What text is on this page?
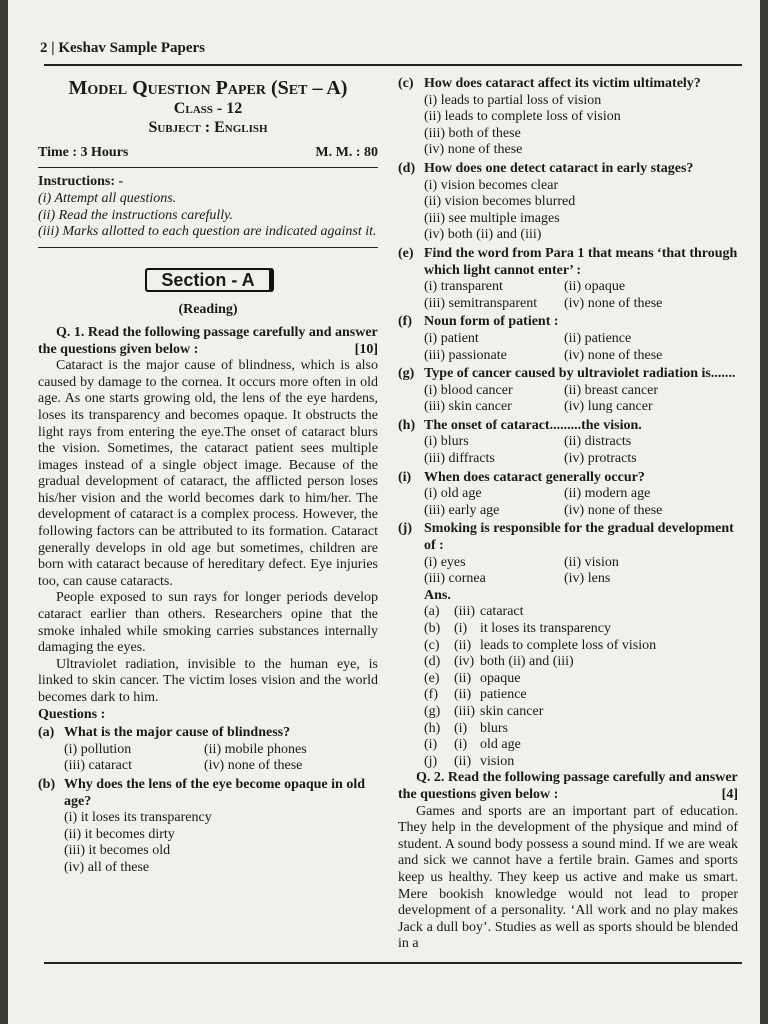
2 | Keshav Sample Papers
Model Question Paper (Set – A)
Class - 12
Subject : English
Time : 3 Hours	M. M. : 80
Instructions: -
(i) Attempt all questions.
(ii) Read the instructions carefully.
(iii) Marks allotted to each question are indicated against it.
Section - A
(Reading)
Q. 1. Read the following passage carefully and answer the questions given below :	[10]
Cataract is the major cause of blindness, which is also caused by damage to the cornea. It occurs more often in old age. As one starts growing old, the lens of the eye hardens, loses its transparency and becomes opaque. It obstructs the light rays from entering the eye.The onset of cataract blurs the vision. Sometimes, the cataract patient sees multiple images instead of a single object image. Because of the gradual development of cataract, the afflicted person loses his/her vision and the world becomes dark to him/her. The development of cataract is a complex process. However, the following factors can be attributed to its formation. Cataract generally develops in old age but sometimes, children are born with cataract because of hereditary defect. Eye injuries too, can cause cataracts.
People exposed to sun rays for longer periods develop cataract earlier than others. Researchers opine that the smoke inhaled while smoking carries substances internally damaging the eyes.
Ultraviolet radiation, invisible to the human eye, is linked to skin cancer. The victim loses vision and the world becomes dark to him.
Questions :
(a) What is the major cause of blindness?
(i) pollution	(ii) mobile phones
(iii) cataract	(iv) none of these
(b) Why does the lens of the eye become opaque in old age?
(i) it loses its transparency
(ii) it becomes dirty
(iii) it becomes old
(iv) all of these
(c) How does cataract affect its victim ultimately?
(i) leads to partial loss of vision
(ii) leads to complete loss of vision
(iii) both of these
(iv) none of these
(d) How does one detect cataract in early stages?
(i) vision becomes clear
(ii) vision becomes blurred
(iii) see multiple images
(iv) both (ii) and (iii)
(e) Find the word from Para 1 that means ‘that through which light cannot enter’ :
(i) transparent	(ii) opaque
(iii) semitransparent	(iv) none of these
(f) Noun form of patient :
(i) patient	(ii) patience
(iii) passionate	(iv) none of these
(g) Type of cancer caused by ultraviolet radiation is.......
(i) blood cancer	(ii) breast cancer
(iii) skin cancer	(iv) lung cancer
(h) The onset of cataract.........the vision.
(i) blurs	(ii) distracts
(iii) diffracts	(iv) protracts
(i) When does cataract generally occur?
(i) old age	(ii) modern age
(iii) early age	(iv) none of these
(j) Smoking is responsible for the gradual development of :
(i) eyes	(ii) vision
(iii) cornea	(iv) lens
Ans.
(a)	(iii) cataract
(b) (i) it loses its transparency
(c)	(ii) leads to complete loss of vision
(d) (iv) both (ii) and (iii)
(e)	(ii) opaque
(f)	(ii) patience
(g) (iii) skin cancer
(h) (i) blurs
(i)	(i) old age
(j)	(ii) vision
Q. 2. Read the following passage carefully and answer the questions given below :	[4]
Games and sports are an important part of education. They help in the development of the physique and mind of student. A sound body possess a sound mind. If we are weak and sick we cannot have a fertile brain. Games and sports keep us healthy. They keep us active and make us smart. Mere bookish knowledge would not lead to proper development of a personality. ‘All work and no play makes Jack a dull boy’. Studies as well as sports should be blended in a
